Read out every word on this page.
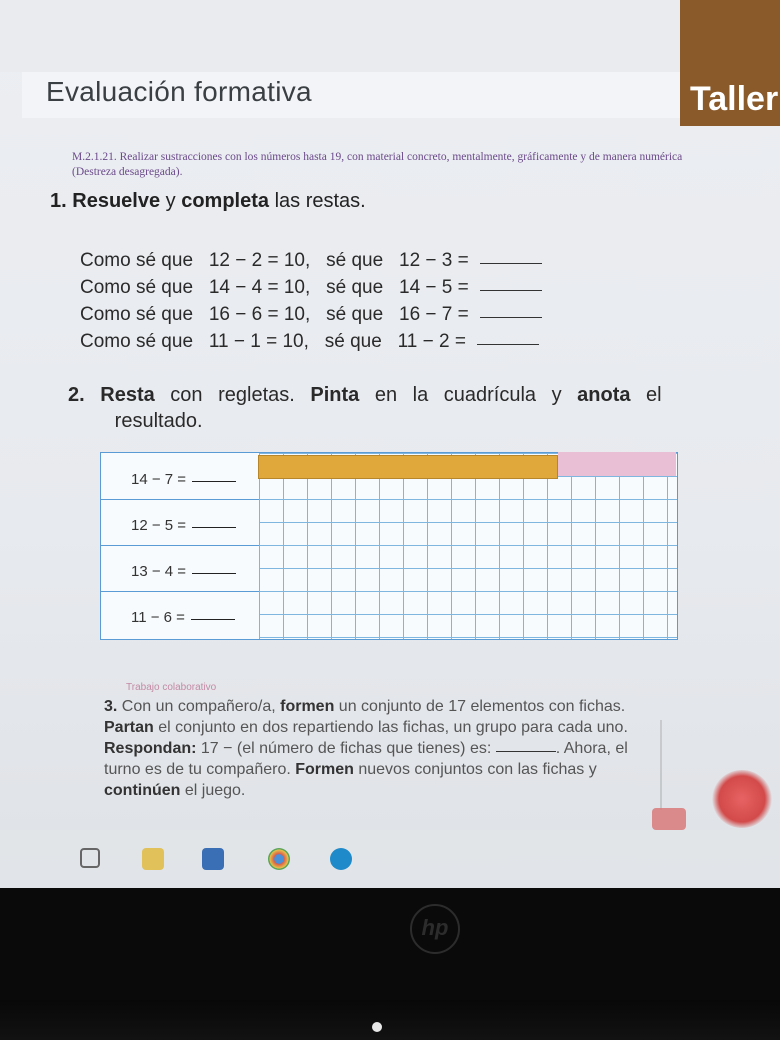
Evaluación formativa	Taller
M.2.1.21. Realizar sustracciones con los números hasta 19, con material concreto, mentalmente, gráficamente y de manera numérica (Destreza desagregada).
1. Resuelve y completa las restas.
Como sé que 12 − 2 = 10, sé que 12 − 3 =
Como sé que 14 − 4 = 10, sé que 14 − 5 =
Como sé que 16 − 6 = 10, sé que 16 − 7 =
Como sé que 11 − 1 = 10, sé que 11 − 2 =
2. Resta con regletas. Pinta en la cuadrícula y anota el
resultado.
14 − 7 =
12 − 5 =
13 − 4 =
11 − 6 =
Trabajo colaborativo
3. Con un compañero/a, formen un conjunto de 17 elementos con fichas. Partan el conjunto en dos repartiendo las fichas, un grupo para cada uno. Respondan: 17 − (el número de fichas que tienes) es:	. Ahora, el turno es de tu compañero. Formen nuevos conjuntos con las fichas y continúen el juego.
hp
